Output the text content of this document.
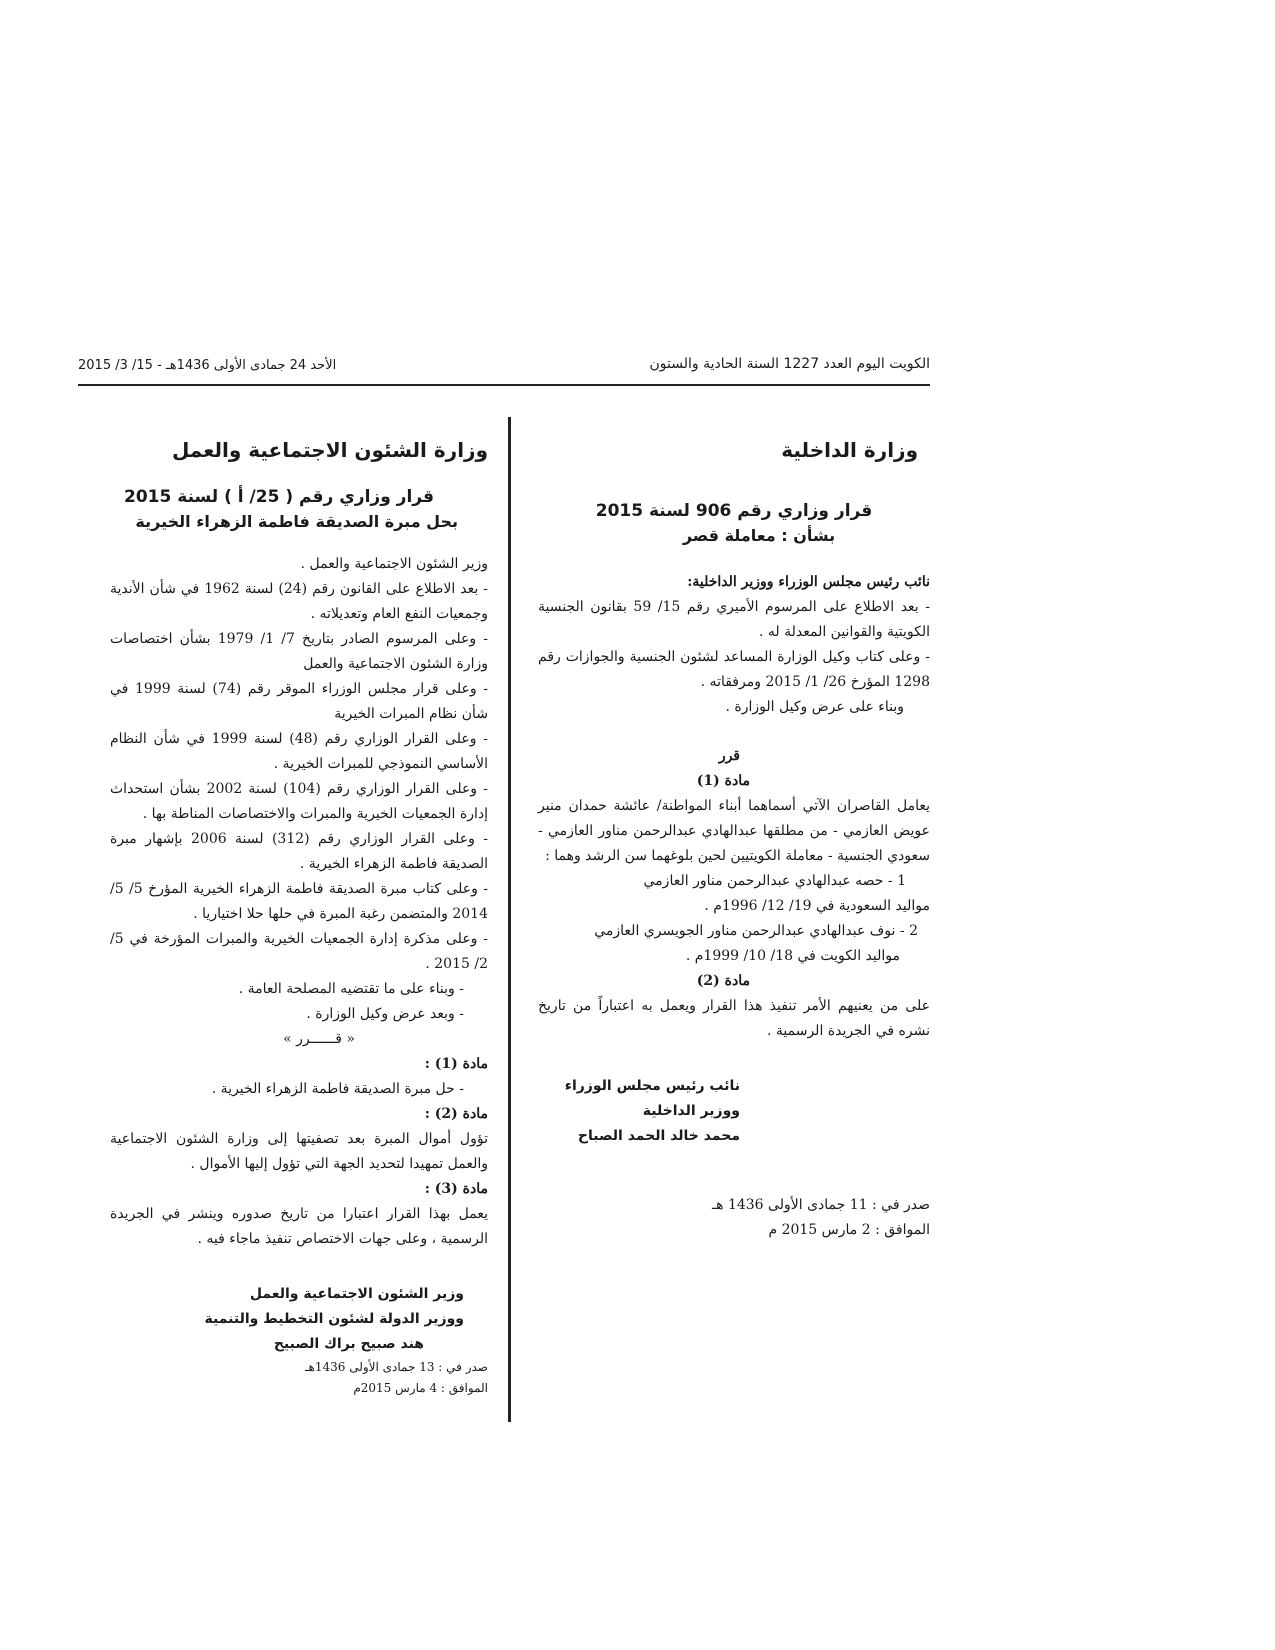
الكويت اليوم العدد 1227 السنة الحادية والستون
الأحد 24 جمادى الأولى 1436هـ - 15/ 3/ 2015
وزارة الداخلية
قرار وزاري رقم 906 لسنة 2015
بشأن : معاملة قصر

نائب رئيس مجلس الوزراء ووزير الداخلية:

- بعد الاطلاع على المرسوم الأميري رقم 15/ 59 بقانون الجنسية الكويتية والقوانين المعدلة له .

- وعلى كتاب وكيل الوزارة المساعد لشئون الجنسية والجوازات رقم 1298 المؤرخ 26/ 1/ 2015 ومرفقاته .

وبناء على عرض وكيل الوزارة .

قرر

مادة (1)

يعامل القاصران الآتي أسماهما أبناء المواطنة/ عائشة حمدان منير عويض العازمي - من مطلقها عبدالهادي عبدالرحمن مناور العازمي - سعودي الجنسية - معاملة الكويتيين لحين بلوغهما سن الرشد وهما :

1 - حصه عبدالهادي عبدالرحمن مناور العازمي

مواليد السعودية في 19/ 12/ 1996م .

2 - نوف عبدالهادي عبدالرحمن مناور الجويسري العازمي

مواليد الكويت في 18/ 10/ 1999م .

مادة (2)

على من يعنيهم الأمر تنفيذ هذا القرار ويعمل به اعتباراً من تاريخ نشره في الجريدة الرسمية .

نائب رئيس مجلس الوزراء

ووزير الداخلية

محمد خالد الحمد الصباح

صدر في : 11 جمادى الأولى 1436 هـ

الموافق : 2 مارس 2015 م

وزارة الشئون الاجتماعية والعمل
قرار وزاري رقم ( 25/ أ ) لسنة 2015
بحل مبرة الصديقة فاطمة الزهراء الخيرية

وزير الشئون الاجتماعية والعمل .

- بعد الاطلاع على القانون رقم (24) لسنة 1962 في شأن الأندية وجمعيات النفع العام وتعديلاته .

- وعلى المرسوم الصادر بتاريخ 7/ 1/ 1979 بشأن اختصاصات وزارة الشئون الاجتماعية والعمل

- وعلى قرار مجلس الوزراء الموقر رقم (74) لسنة 1999 في شأن نظام المبرات الخيرية

- وعلى القرار الوزاري رقم (48) لسنة 1999 في شأن النظام الأساسي النموذجي للمبرات الخيرية .

- وعلى القرار الوزاري رقم (104) لسنة 2002 بشأن استحداث إدارة الجمعيات الخيرية والمبرات والاختصاصات المناطة بها .

- وعلى القرار الوزاري رقم (312) لسنة 2006 بإشهار مبرة الصديقة فاطمة الزهراء الخيرية .

- وعلى كتاب مبرة الصديقة فاطمة الزهراء الخيرية المؤرخ 5/ 5/ 2014 والمتضمن رغبة المبرة في حلها حلا اختياريا .

- وعلى مذكرة إدارة الجمعيات الخيرية والمبرات المؤرخة في 5/ 2/ 2015 .

- وبناء على ما تقتضيه المصلحة العامة .

- وبعد عرض وكيل الوزارة .

« قــــــرر »

مادة (1) :

- حل مبرة الصديقة فاطمة الزهراء الخيرية .

مادة (2) :

تؤول أموال المبرة بعد تصفيتها إلى وزارة الشئون الاجتماعية والعمل تمهيدا لتحديد الجهة التي تؤول إليها الأموال .

مادة (3) :

يعمل بهذا القرار اعتبارا من تاريخ صدوره وينشر في الجريدة الرسمية ، وعلى جهات الاختصاص تنفيذ ماجاء فيه .

وزير الشئون الاجتماعية والعمل

ووزير الدولة لشئون التخطيط والتنمية

هند صبيح براك الصبيح

صدر في : 13 جمادى الأولى 1436هـ

الموافق : 4 مارس 2015م
